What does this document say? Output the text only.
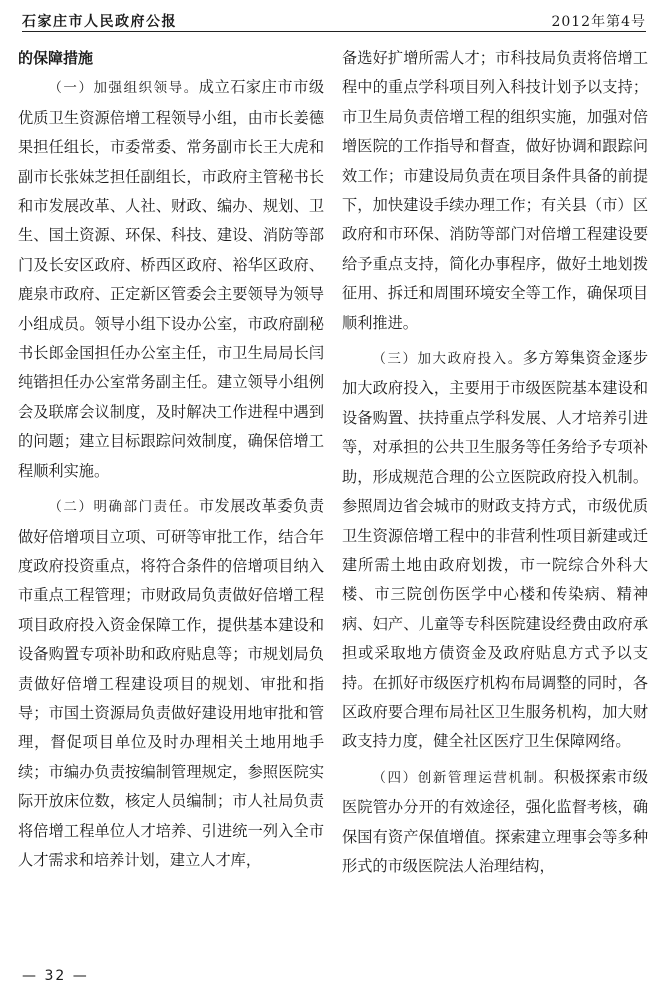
石家庄市人民政府公报	2012年第4号

的保障措施

（一）加强组织领导。成立石家庄市市级优质卫生资源倍增工程领导小组，由市长姜德果担任组长，市委常委、常务副市长王大虎和副市长张妹芝担任副组长，市政府主管秘书长和市发展改革、人社、财政、编办、规划、卫生、国土资源、环保、科技、建设、消防等部门及长安区政府、桥西区政府、裕华区政府、鹿泉市政府、正定新区管委会主要领导为领导小组成员。领导小组下设办公室，市政府副秘书长郎金国担任办公室主任，市卫生局局长闫纯锴担任办公室常务副主任。建立领导小组例会及联席会议制度，及时解决工作进程中遇到的问题；建立目标跟踪问效制度，确保倍增工程顺利实施。

（二）明确部门责任。市发展改革委负责做好倍增项目立项、可研等审批工作，结合年度政府投资重点，将符合条件的倍增项目纳入市重点工程管理；市财政局负责做好倍增工程项目政府投入资金保障工作，提供基本建设和设备购置专项补助和政府贴息等；市规划局负责做好倍增工程建设项目的规划、审批和指导；市国土资源局负责做好建设用地审批和管理，督促项目单位及时办理相关土地用地手续；市编办负责按编制管理规定，参照医院实际开放床位数，核定人员编制；市人社局负责将倍增工程单位人才培养、引进统一列入全市人才需求和培养计划，建立人才库，

备选好扩增所需人才；市科技局负责将倍增工程中的重点学科项目列入科技计划予以支持；市卫生局负责倍增工程的组织实施，加强对倍增医院的工作指导和督查，做好协调和跟踪问效工作；市建设局负责在项目条件具备的前提下，加快建设手续办理工作；有关县（市）区政府和市环保、消防等部门对倍增工程建设要给予重点支持，简化办事程序，做好土地划拨征用、拆迁和周围环境安全等工作，确保项目顺利推进。

（三）加大政府投入。多方筹集资金逐步加大政府投入，主要用于市级医院基本建设和设备购置、扶持重点学科发展、人才培养引进等，对承担的公共卫生服务等任务给予专项补助，形成规范合理的公立医院政府投入机制。参照周边省会城市的财政支持方式，市级优质卫生资源倍增工程中的非营利性项目新建或迁建所需土地由政府划拨，市一院综合外科大楼、市三院创伤医学中心楼和传染病、精神病、妇产、儿童等专科医院建设经费由政府承担或采取地方债资金及政府贴息方式予以支持。在抓好市级医疗机构布局调整的同时，各区政府要合理布局社区卫生服务机构，加大财政支持力度，健全社区医疗卫生保障网络。

（四）创新管理运营机制。积极探索市级医院管办分开的有效途径，强化监督考核，确保国有资产保值增值。探索建立理事会等多种形式的市级医院法人治理结构，

— 32 —
